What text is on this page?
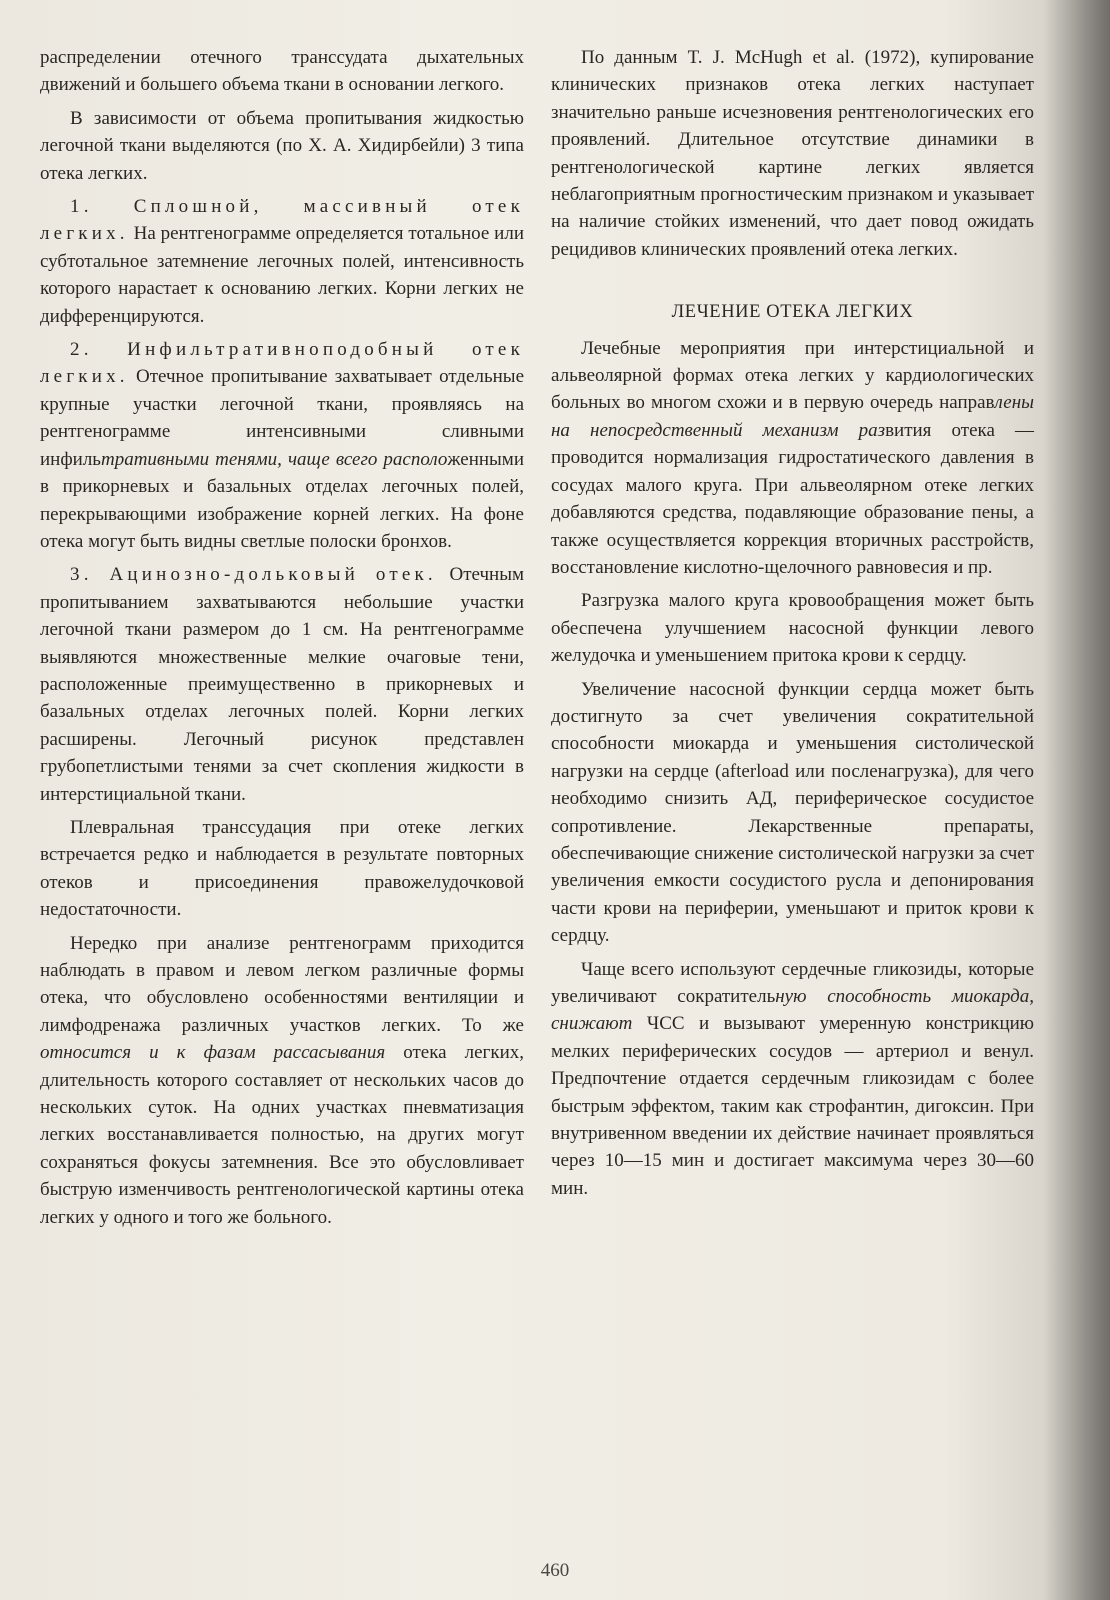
распределении отечного транссудата дыхательных движений и большего объема ткани в основании легкого.

В зависимости от объема пропитывания жидкостью легочной ткани выделяются (по Х. А. Хидирбейли) 3 типа отека легких.

1. Сплошной, массивный отек легких. На рентгенограмме определяется тотальное или субтотальное затемнение легочных полей, интенсивность которого нарастает к основанию легких. Корни легких не дифференцируются.

2. Инфильтративноподобный отек легких. Отечное пропитывание захватывает отдельные крупные участки легочной ткани, проявляясь на рентгенограмме интенсивными сливными инфильтративными тенями, чаще всего расположенными в прикорневых и базальных отделах легочных полей, перекрывающими изображение корней легких. На фоне отека могут быть видны светлые полоски бронхов.

3. Ацинозно-дольковый отек. Отечным пропитыванием захватываются небольшие участки легочной ткани размером до 1 см. На рентгенограмме выявляются множественные мелкие очаговые тени, расположенные преимущественно в прикорневых и базальных отделах легочных полей. Корни легких расширены. Легочный рисунок представлен грубопетлистыми тенями за счет скопления жидкости в интерстициальной ткани.

Плевральная транссудация при отеке легких встречается редко и наблюдается в результате повторных отеков и присоединения правожелудочковой недостаточности.

Нередко при анализе рентгенограмм приходится наблюдать в правом и левом легком различные формы отека, что обусловлено особенностями вентиляции и лимфодренажа различных участков легких. То же относится и к фазам рассасывания отека легких, длительность которого составляет от нескольких часов до нескольких суток. На одних участках пневматизация легких восстанавливается полностью, на других могут сохраняться фокусы затемнения. Все это обусловливает быструю изменчивость рентгенологической картины отека легких у одного и того же больного.

По данным T. J. McHugh et al. (1972), купирование клинических признаков отека легких наступает значительно раньше исчезновения рентгенологических его проявлений. Длительное отсутствие динамики в рентгенологической картине легких является неблагоприятным прогностическим признаком и указывает на наличие стойких изменений, что дает повод ожидать рецидивов клинических проявлений отека легких.

ЛЕЧЕНИЕ ОТЕКА ЛЕГКИХ

Лечебные мероприятия при интерстициальной и альвеолярной формах отека легких у кардиологических больных во многом схожи и в первую очередь направлены на непосредственный механизм развития отека — проводится нормализация гидростатического давления в сосудах малого круга. При альвеолярном отеке легких добавляются средства, подавляющие образование пены, а также осуществляется коррекция вторичных расстройств, восстановление кислотно-щелочного равновесия и пр.

Разгрузка малого круга кровообращения может быть обеспечена улучшением насосной функции левого желудочка и уменьшением притока крови к сердцу.

Увеличение насосной функции сердца может быть достигнуто за счет увеличения сократительной способности миокарда и уменьшения систолической нагрузки на сердце (afterload или посленагрузка), для чего необходимо снизить АД, периферическое сосудистое сопротивление. Лекарственные препараты, обеспечивающие снижение систолической нагрузки за счет увеличения емкости сосудистого русла и депонирования части крови на периферии, уменьшают и приток крови к сердцу.

Чаще всего используют сердечные гликозиды, которые увеличивают сократительную способность миокарда, снижают ЧСС и вызывают умеренную констрикцию мелких периферических сосудов — артериол и венул. Предпочтение отдается сердечным гликозидам с более быстрым эффектом, таким как строфантин, дигоксин. При внутривенном введении их действие начинает проявляться через 10—15 мин и достигает максимума через 30—60 мин.

460
